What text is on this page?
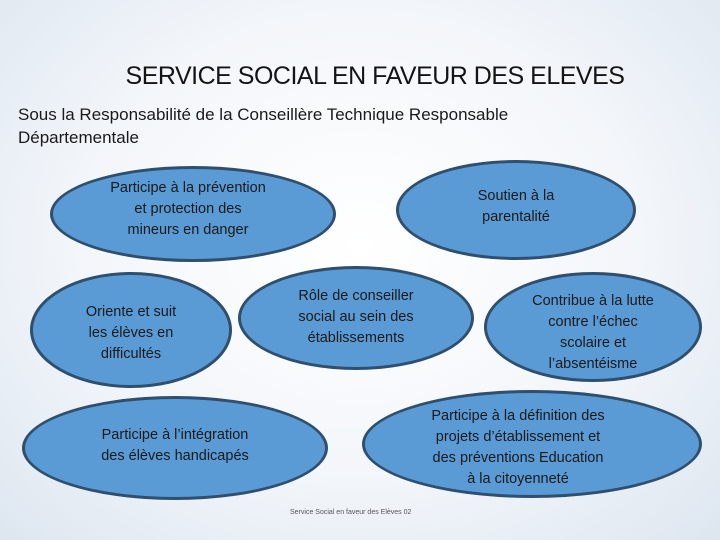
SERVICE SOCIAL EN FAVEUR DES ELEVES
Sous la Responsabilité de la Conseillère Technique Responsable
Départementale
Participe à la prévention
et protection des
mineurs en danger
Soutien à la
parentalité
Oriente et suit
les élèves en
difficultés
Rôle de conseiller
social au sein des
établissements
Contribue à la lutte
contre l’échec
scolaire et
l’absentéisme
Participe à l’intégration
des élèves handicapés
Participe à la définition des
projets d’établissement et
des préventions Education
à la citoyenneté
Service Social en faveur des Elèves 02
